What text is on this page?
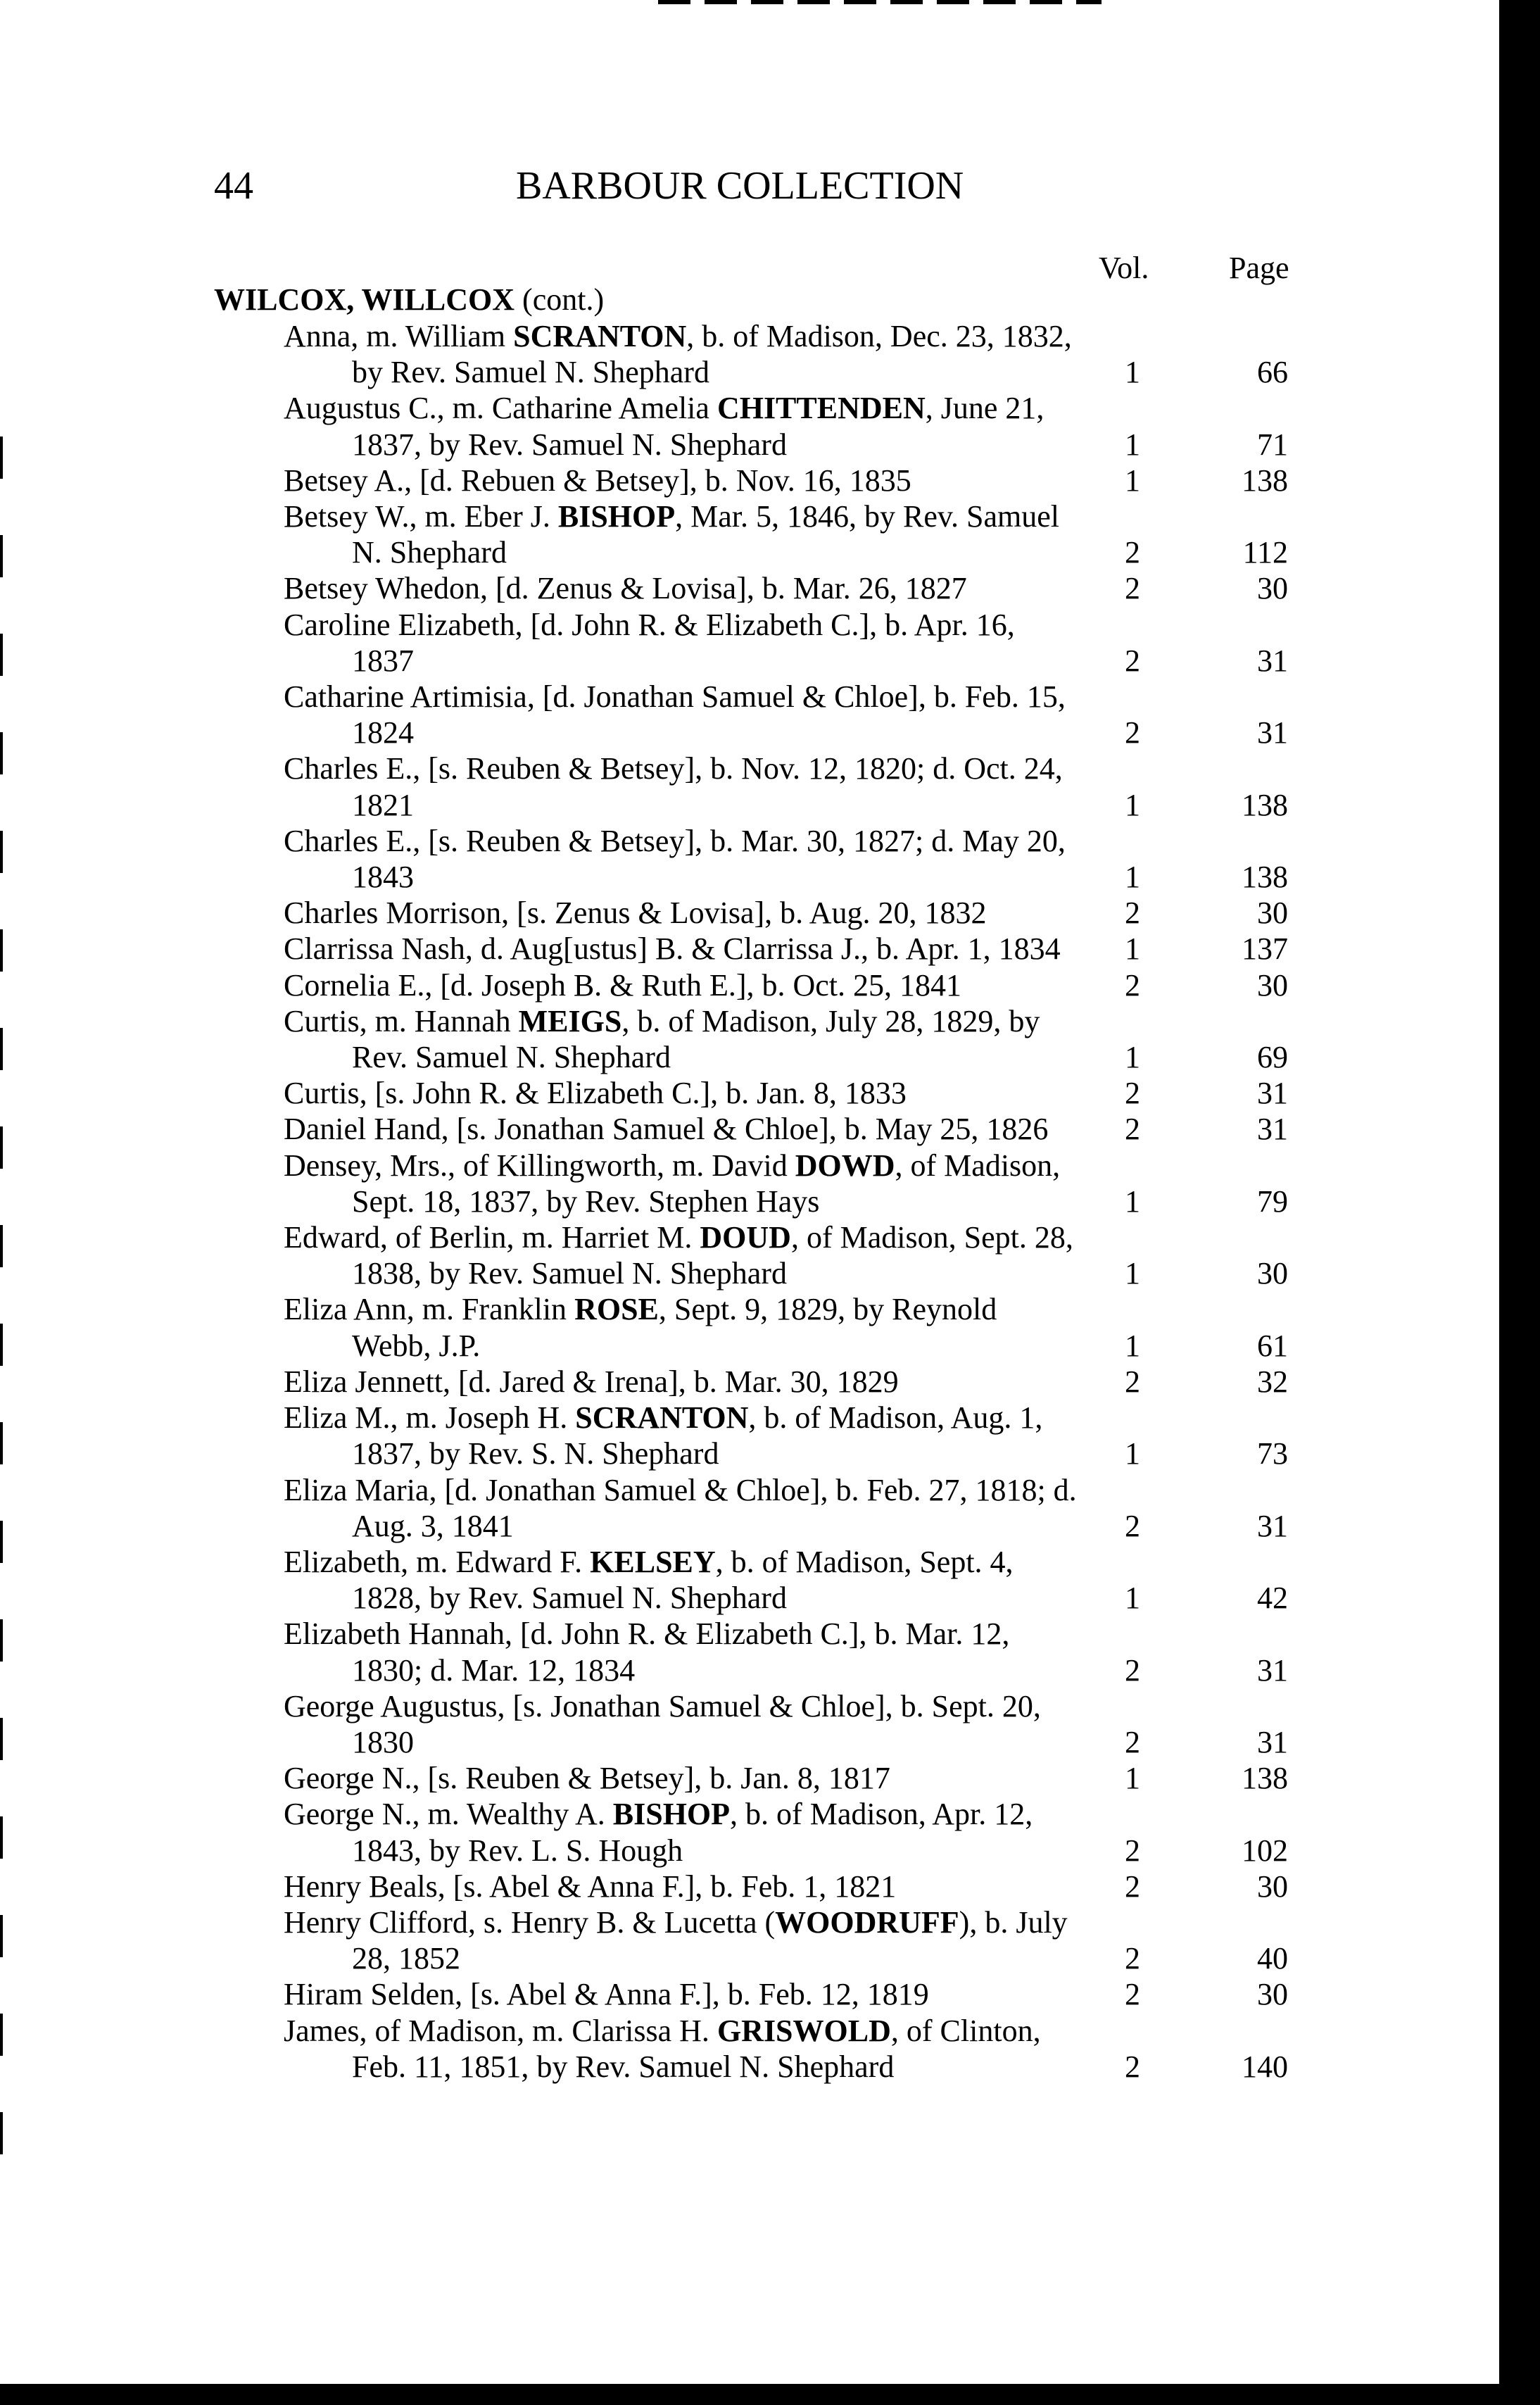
44	BARBOUR COLLECTION
Vol.	Page
WILCOX, WILLCOX (cont.)
Anna, m. William SCRANTON, b. of Madison, Dec. 23, 1832, by Rev. Samuel N. Shephard	1	66
Augustus C., m. Catharine Amelia CHITTENDEN, June 21, 1837, by Rev. Samuel N. Shephard	1	71
Betsey A., [d. Rebuen & Betsey], b. Nov. 16, 1835	1	138
Betsey W., m. Eber J. BISHOP, Mar. 5, 1846, by Rev. Samuel N. Shephard	2	112
Betsey Whedon, [d. Zenus & Lovisa], b. Mar. 26, 1827	2	30
Caroline Elizabeth, [d. John R. & Elizabeth C.], b. Apr. 16, 1837	2	31
Catharine Artimisia, [d. Jonathan Samuel & Chloe], b. Feb. 15, 1824	2	31
Charles E., [s. Reuben & Betsey], b. Nov. 12, 1820; d. Oct. 24, 1821	1	138
Charles E., [s. Reuben & Betsey], b. Mar. 30, 1827; d. May 20, 1843	1	138
Charles Morrison, [s. Zenus & Lovisa], b. Aug. 20, 1832	2	30
Clarrissa Nash, d. Aug[ustus] B. & Clarrissa J., b. Apr. 1, 1834	1	137
Cornelia E., [d. Joseph B. & Ruth E.], b. Oct. 25, 1841	2	30
Curtis, m. Hannah MEIGS, b. of Madison, July 28, 1829, by Rev. Samuel N. Shephard	1	69
Curtis, [s. John R. & Elizabeth C.], b. Jan. 8, 1833	2	31
Daniel Hand, [s. Jonathan Samuel & Chloe], b. May 25, 1826	2	31
Densey, Mrs., of Killingworth, m. David DOWD, of Madison, Sept. 18, 1837, by Rev. Stephen Hays	1	79
Edward, of Berlin, m. Harriet M. DOUD, of Madison, Sept. 28, 1838, by Rev. Samuel N. Shephard	1	30
Eliza Ann, m. Franklin ROSE, Sept. 9, 1829, by Reynold Webb, J.P.	1	61
Eliza Jennett, [d. Jared & Irena], b. Mar. 30, 1829	2	32
Eliza M., m. Joseph H. SCRANTON, b. of Madison, Aug. 1, 1837, by Rev. S. N. Shephard	1	73
Eliza Maria, [d. Jonathan Samuel & Chloe], b. Feb. 27, 1818; d. Aug. 3, 1841	2	31
Elizabeth, m. Edward F. KELSEY, b. of Madison, Sept. 4, 1828, by Rev. Samuel N. Shephard	1	42
Elizabeth Hannah, [d. John R. & Elizabeth C.], b. Mar. 12, 1830; d. Mar. 12, 1834	2	31
George Augustus, [s. Jonathan Samuel & Chloe], b. Sept. 20, 1830	2	31
George N., [s. Reuben & Betsey], b. Jan. 8, 1817	1	138
George N., m. Wealthy A. BISHOP, b. of Madison, Apr. 12, 1843, by Rev. L. S. Hough	2	102
Henry Beals, [s. Abel & Anna F.], b. Feb. 1, 1821	2	30
Henry Clifford, s. Henry B. & Lucetta (WOODRUFF), b. July 28, 1852	2	40
Hiram Selden, [s. Abel & Anna F.], b. Feb. 12, 1819	2	30
James, of Madison, m. Clarissa H. GRISWOLD, of Clinton, Feb. 11, 1851, by Rev. Samuel N. Shephard	2	140
